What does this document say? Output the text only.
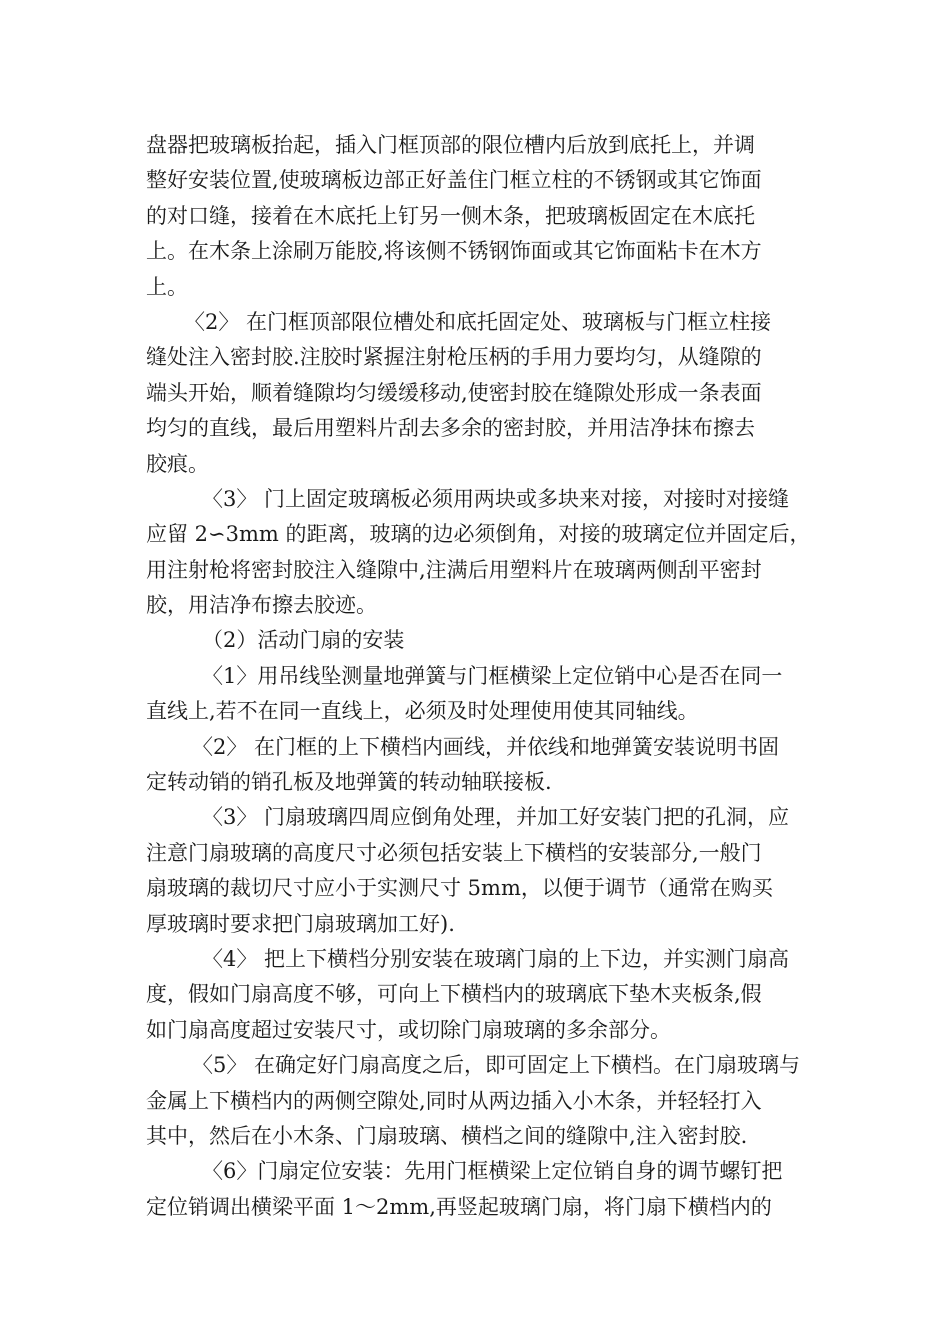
盘器把玻璃板抬起，插入门框顶部的限位槽内后放到底托上，并调
整好安装位置,使玻璃板边部正好盖住门框立柱的不锈钢或其它饰面
的对口缝，接着在木底托上钉另一侧木条，把玻璃板固定在木底托
上。在木条上涂刷万能胶,将该侧不锈钢饰面或其它饰面粘卡在木方
上。
〈2〉 在门框顶部限位槽处和底托固定处、玻璃板与门框立柱接
缝处注入密封胶.注胶时紧握注射枪压柄的手用力要均匀，从缝隙的
端头开始，顺着缝隙均匀缓缓移动,使密封胶在缝隙处形成一条表面
均匀的直线，最后用塑料片刮去多余的密封胶，并用洁净抹布擦去
胶痕。
〈3〉 门上固定玻璃板必须用两块或多块来对接，对接时对接缝
应留 2∽3mm 的距离，玻璃的边必须倒角，对接的玻璃定位并固定后，
用注射枪将密封胶注入缝隙中,注满后用塑料片在玻璃两侧刮平密封
胶，用洁净布擦去胶迹。
（2）活动门扇的安装
〈1〉用吊线坠测量地弹簧与门框横梁上定位销中心是否在同一
直线上,若不在同一直线上，必须及时处理使用使其同轴线。
〈2〉 在门框的上下横档内画线，并依线和地弹簧安装说明书固
定转动销的销孔板及地弹簧的转动轴联接板.
〈3〉 门扇玻璃四周应倒角处理，并加工好安装门把的孔洞，应
注意门扇玻璃的高度尺寸必须包括安装上下横档的安装部分,一般门
扇玻璃的裁切尺寸应小于实测尺寸 5mm，以便于调节（通常在购买
厚玻璃时要求把门扇玻璃加工好).
〈4〉 把上下横档分别安装在玻璃门扇的上下边，并实测门扇高
度，假如门扇高度不够，可向上下横档内的玻璃底下垫木夹板条,假
如门扇高度超过安装尺寸，或切除门扇玻璃的多余部分。
〈5〉 在确定好门扇高度之后，即可固定上下横档。在门扇玻璃与
金属上下横档内的两侧空隙处,同时从两边插入小木条，并轻轻打入
其中，然后在小木条、门扇玻璃、横档之间的缝隙中,注入密封胶.
〈6〉门扇定位安装：先用门框横梁上定位销自身的调节螺钉把
定位销调出横梁平面 1～2mm,再竖起玻璃门扇，将门扇下横档内的
